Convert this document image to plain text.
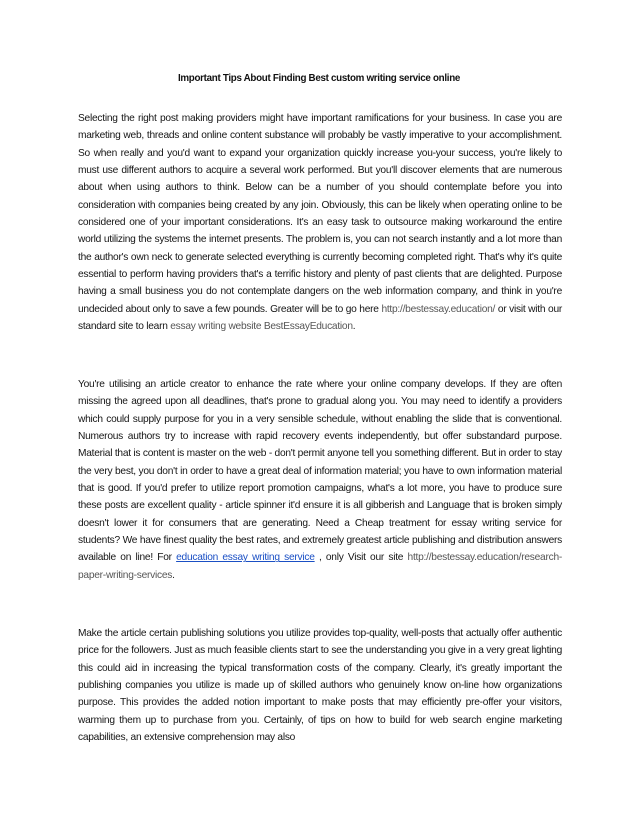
Important Tips About Finding Best custom writing service online

Selecting the right post making providers might have important ramifications for your business. In case you are marketing web, threads and online content substance will probably be vastly imperative to your accomplishment. So when really and you'd want to expand your organization quickly increase you-your success, you're likely to must use different authors to acquire a several work performed. But you'll discover elements that are numerous about when using authors to think. Below can be a number of you should contemplate before you into consideration with companies being created by any join. Obviously, this can be likely when operating online to be considered one of your important considerations. It's an easy task to outsource making workaround the entire world utilizing the systems the internet presents. The problem is, you can not search instantly and a lot more than the author's own neck to generate selected everything is currently becoming completed right. That's why it's quite essential to perform having providers that's a terrific history and plenty of past clients that are delighted. Purpose having a small business you do not contemplate dangers on the web information company, and think in you're undecided about only to save a few pounds. Greater will be to go here http://bestessay.education/ or visit with our standard site to learn essay writing website BestEssayEducation.

You're utilising an article creator to enhance the rate where your online company develops. If they are often missing the agreed upon all deadlines, that's prone to gradual along you. You may need to identify a providers which could supply purpose for you in a very sensible schedule, without enabling the slide that is conventional. Numerous authors try to increase with rapid recovery events independently, but offer substandard purpose. Material that is content is master on the web - don't permit anyone tell you something different. But in order to stay the very best, you don't in order to have a great deal of information material; you have to own information material that is good. If you'd prefer to utilize report promotion campaigns, what's a lot more, you have to produce sure these posts are excellent quality - article spinner it'd ensure it is all gibberish and Language that is broken simply doesn't lower it for consumers that are generating. Need a Cheap treatment for essay writing service for students? We have finest quality the best rates, and extremely greatest article publishing and distribution answers available on line! For education essay writing service , only Visit our site http://bestessay.education/research-paper-writing-services.

Make the article certain publishing solutions you utilize provides top-quality, well-posts that actually offer authentic price for the followers. Just as much feasible clients start to see the understanding you give in a very great lighting this could aid in increasing the typical transformation costs of the company. Clearly, it's greatly important the publishing companies you utilize is made up of skilled authors who genuinely know on-line how organizations purpose. This provides the added notion important to make posts that may efficiently pre-offer your visitors, warming them up to purchase from you. Certainly, of tips on how to build for web search engine marketing capabilities, an extensive comprehension may also
